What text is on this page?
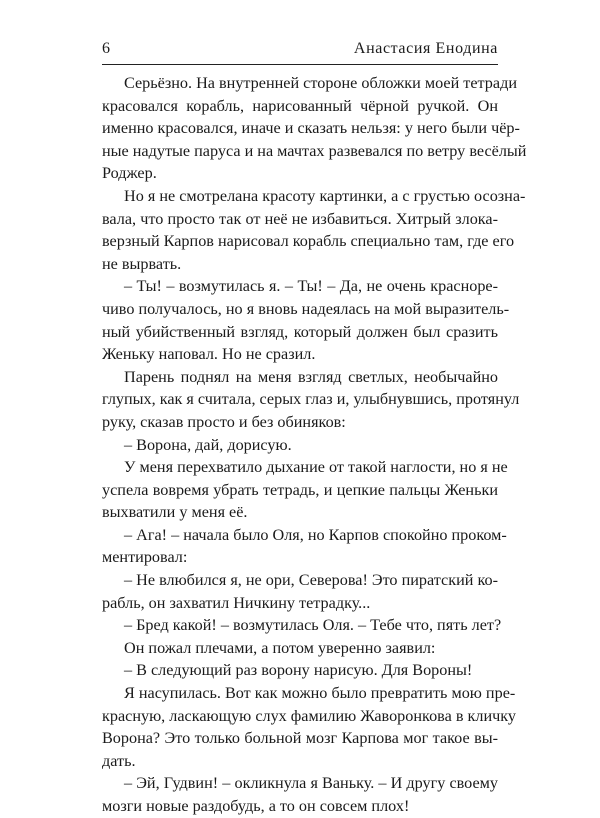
6	Анастасия Енодина
Серьёзно. На внутренней стороне обложки моей тетради
красовался корабль, нарисованный чёрной ручкой. Он
именно красовался, иначе и сказать нельзя: у него были чёр-
ные надутые паруса и на мачтах развевался по ветру весёлый
Роджер.
Но я не смотрелана красоту картинки, а с грустью осозна-
вала, что просто так от неё не избавиться. Хитрый злока-
верзный Карпов нарисовал корабль специально там, где его
не вырвать.
– Ты! – возмутилась я. – Ты! – Да, не очень красноре-
чиво получалось, но я вновь надеялась на мой выразитель-
ный убийственный взгляд, который должен был сразить
Женьку наповал. Но не сразил.
Парень поднял на меня взгляд светлых, необычайно
глупых, как я считала, серых глаз и, улыбнувшись, протянул
руку, сказав просто и без обиняков:
– Ворона, дай, дорисую.
У меня перехватило дыхание от такой наглости, но я не
успела вовремя убрать тетрадь, и цепкие пальцы Женьки
выхватили у меня её.
– Ага! – начала было Оля, но Карпов спокойно проком-
ментировал:
– Не влюбился я, не ори, Северова! Это пиратский ко-
рабль, он захватил Ничкину тетрадку...
– Бред какой! – возмутилась Оля. – Тебе что, пять лет?
Он пожал плечами, а потом уверенно заявил:
– В следующий раз ворону нарисую. Для Вороны!
Я насупилась. Вот как можно было превратить мою пре-
красную, ласкающую слух фамилию Жаворонкова в кличку
Ворона? Это только больной мозг Карпова мог такое вы-
дать.
– Эй, Гудвин! – окликнула я Ваньку. – И другу своему
мозги новые раздобудь, а то он совсем плох!
